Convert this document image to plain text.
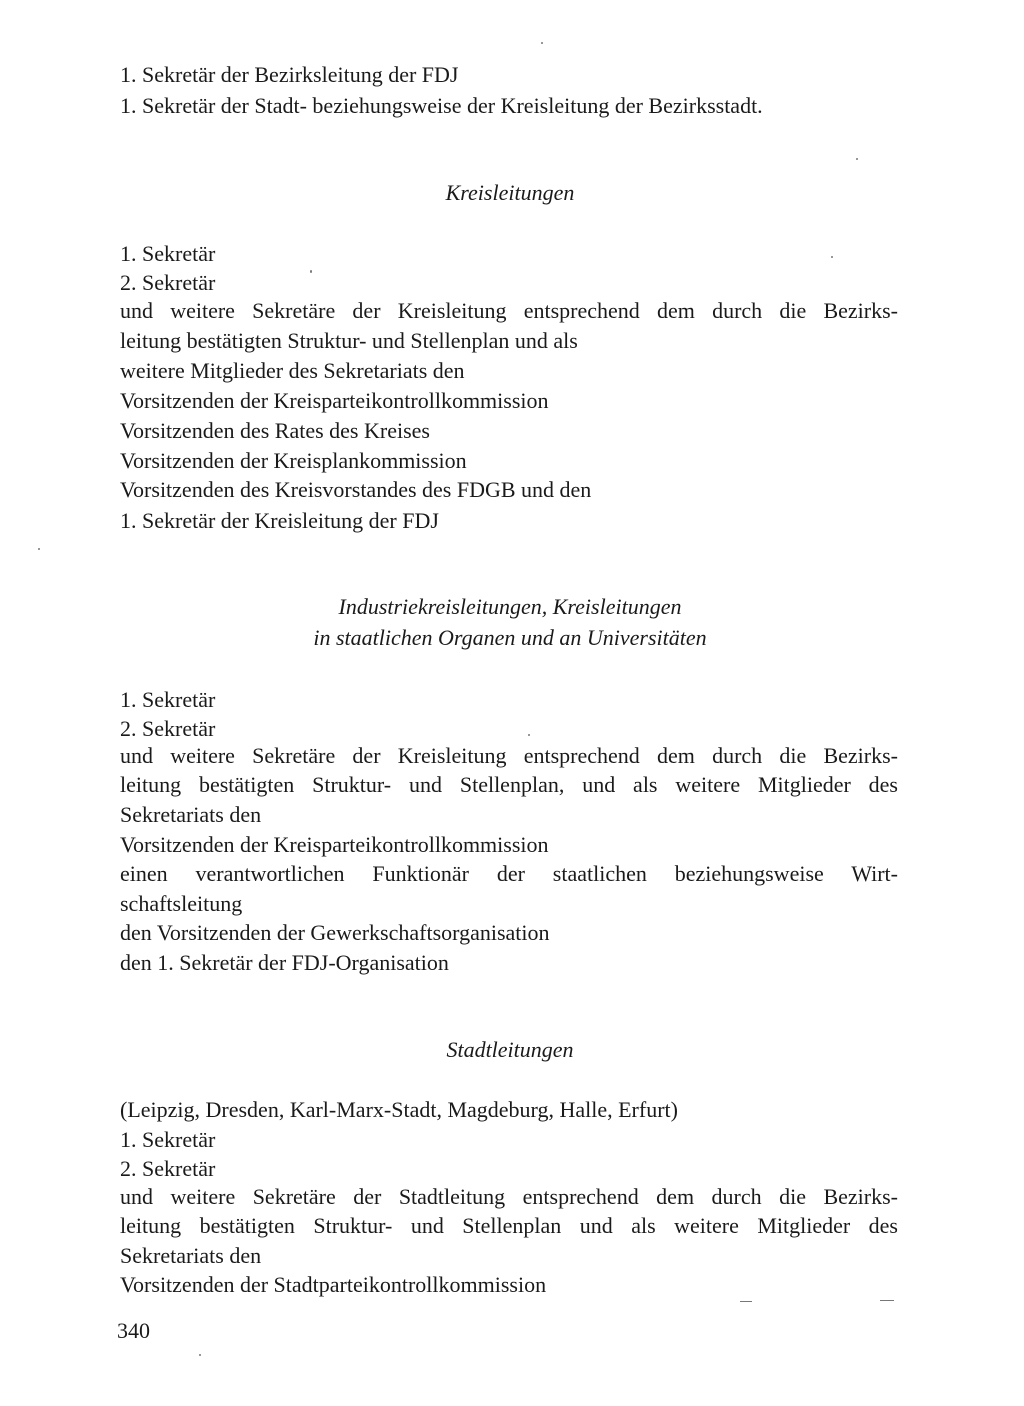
1. Sekretär der Bezirksleitung der FDJ
1. Sekretär der Stadt- beziehungsweise der Kreisleitung der Bezirksstadt.
Kreisleitungen
1. Sekretär
2. Sekretär
und weitere Sekretäre der Kreisleitung entsprechend dem durch die Bezirks-
leitung bestätigten Struktur- und Stellenplan und als
weitere Mitglieder des Sekretariats den
Vorsitzenden der Kreisparteikontrollkommission
Vorsitzenden des Rates des Kreises
Vorsitzenden der Kreisplankommission
Vorsitzenden des Kreisvorstandes des FDGB und den
1. Sekretär der Kreisleitung der FDJ
Industriekreisleitungen, Kreisleitungen
in staatlichen Organen und an Universitäten
1. Sekretär
2. Sekretär
und weitere Sekretäre der Kreisleitung entsprechend dem durch die Bezirks-
leitung bestätigten Struktur- und Stellenplan, und als weitere Mitglieder des
Sekretariats den
Vorsitzenden der Kreisparteikontrollkommission
einen verantwortlichen Funktionär der staatlichen beziehungsweise Wirt-
schaftsleitung
den Vorsitzenden der Gewerkschaftsorganisation
den 1. Sekretär der FDJ-Organisation
Stadtleitungen
(Leipzig, Dresden, Karl-Marx-Stadt, Magdeburg, Halle, Erfurt)
1. Sekretär
2. Sekretär
und weitere Sekretäre der Stadtleitung entsprechend dem durch die Bezirks-
leitung bestätigten Struktur- und Stellenplan und als weitere Mitglieder des
Sekretariats den
Vorsitzenden der Stadtparteikontrollkommission
340
